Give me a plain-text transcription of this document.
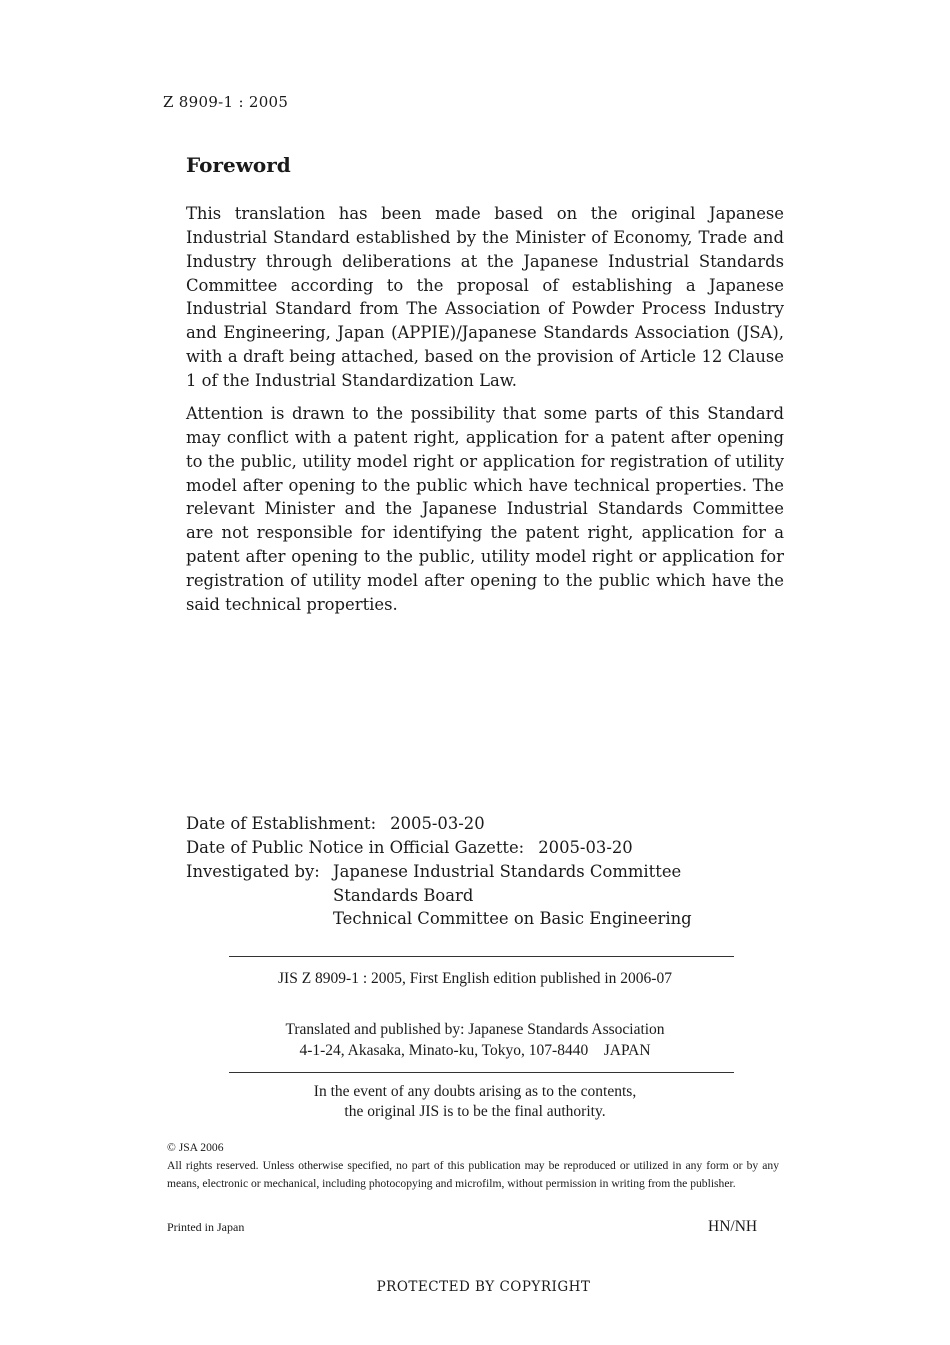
Z 8909-1 : 2005
Foreword
This translation has been made based on the original Japanese Industrial Standard established by the Minister of Economy, Trade and Industry through deliberations at the Japanese Industrial Standards Committee according to the proposal of establishing a Japanese Industrial Standard from The Association of Powder Process Industry and Engineering, Japan (APPIE)/Japanese Standards Association (JSA), with a draft being attached, based on the provision of Article 12 Clause 1 of the Industrial Standardization Law.
Attention is drawn to the possibility that some parts of this Standard may conflict with a patent right, application for a patent after opening to the public, utility model right or application for registration of utility model after opening to the public which have technical properties. The relevant Minister and the Japanese Industrial Standards Committee are not responsible for identifying the patent right, application for a patent after opening to the public, utility model right or application for registration of utility model after opening to the public which have the said technical properties.
Date of Establishment: 2005-03-20
Date of Public Notice in Official Gazette: 2005-03-20
Investigated by: Japanese Industrial Standards Committee
Standards Board
Technical Committee on Basic Engineering
JIS Z 8909-1 : 2005, First English edition published in 2006-07
Translated and published by: Japanese Standards Association
4-1-24, Akasaka, Minato-ku, Tokyo, 107-8440　JAPAN
In the event of any doubts arising as to the contents,
the original JIS is to be the final authority.
© JSA 2006
All rights reserved. Unless otherwise specified, no part of this publication may be reproduced or utilized in any form or by any means, electronic or mechanical, including photocopying and microfilm, without permission in writing from the publisher.
Printed in Japan	HN/NH
PROTECTED BY COPYRIGHT
